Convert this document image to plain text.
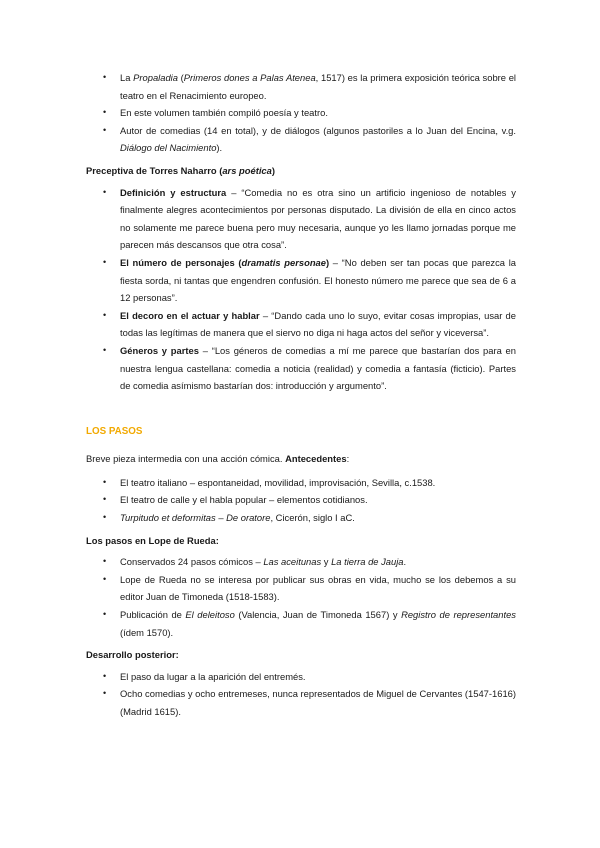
• La Propaladia (Primeros dones a Palas Atenea, 1517) es la primera exposición teórica sobre el teatro en el Renacimiento europeo.
• En este volumen también compiló poesía y teatro.
• Autor de comedias (14 en total), y de diálogos (algunos pastoriles a lo Juan del Encina, v.g. Diálogo del Nacimiento).
Preceptiva de Torres Naharro (ars poética)
• Definición y estructura – “Comedia no es otra sino un artificio ingenioso de notables y finalmente alegres acontecimientos por personas disputado. La división de ella en cinco actos no solamente me parece buena pero muy necesaria, aunque yo les llamo jornadas porque me parecen más descansos que otra cosa”.
• El número de personajes (dramatis personae) – “No deben ser tan pocas que parezca la fiesta sorda, ni tantas que engendren confusión. El honesto número me parece que sea de 6 a 12 personas”.
• El decoro en el actuar y hablar – “Dando cada uno lo suyo, evitar cosas impropias, usar de todas las legítimas de manera que el siervo no diga ni haga actos del señor y viceversa”.
• Géneros y partes – “Los géneros de comedias a mí me parece que bastarían dos para en nuestra lengua castellana: comedia a noticia (realidad) y comedia a fantasía (ficticio). Partes de comedia asímismo bastarían dos: introducción y argumento”.
LOS PASOS
Breve pieza intermedia con una acción cómica. Antecedentes:
• El teatro italiano – espontaneidad, movilidad, improvisación, Sevilla, c.1538.
• El teatro de calle y el habla popular – elementos cotidianos.
• Turpitudo et deformitas – De oratore, Cicerón, siglo I aC.
Los pasos en Lope de Rueda:
• Conservados 24 pasos cómicos – Las aceitunas y La tierra de Jauja.
• Lope de Rueda no se interesa por publicar sus obras en vida, mucho se los debemos a su editor Juan de Timoneda (1518-1583).
• Publicación de El deleitoso (Valencia, Juan de Timoneda 1567) y Registro de representantes (ídem 1570).
Desarrollo posterior:
• El paso da lugar a la aparición del entremés.
• Ocho comedias y ocho entremeses, nunca representados de Miguel de Cervantes (1547-1616) (Madrid 1615).
